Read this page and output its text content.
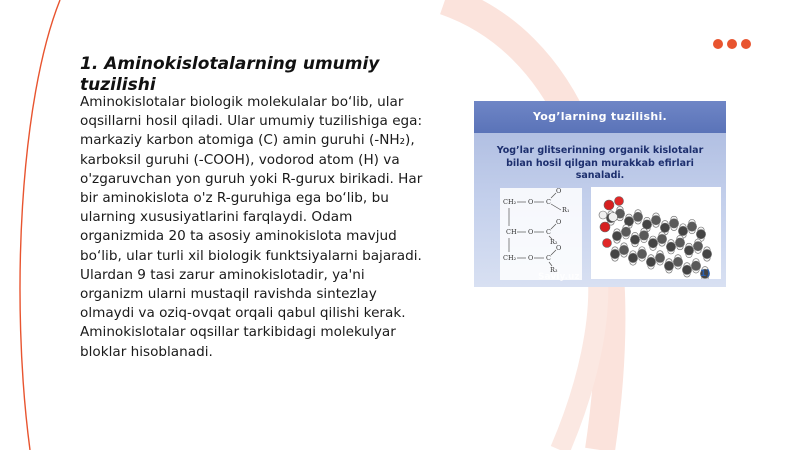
1. Aminokislotalarning umumiy tuzilishi

Aminokislotalar biologik molekulalar bo‘lib, ular oqsillarni hosil qiladi. Ular umumiy tuzilishiga ega: markaziy karbon atomiga (C) amin guruhi (-NH₂), karboksil guruhi (-COOH), vodorod atom (H) va o'zgaruvchan yon guruh yoki R-gurux birikadi. Har bir aminokislota o'z R-guruhiga ega bo‘lib, bu ularning xususiyatlarini farqlaydi. Odam organizmida 20 ta asosiy aminokislota mavjud bo‘lib, ular turli xil biologik funktsiyalarni bajaradi. Ulardan 9 tasi zarur aminokislotadir, ya'ni organizm ularni mustaqil ravishda sintezlay olmaydi va oziq-ovqat orqali qabul qilishi kerak. Aminokislotalar oqsillar tarkibidagi molekulyar bloklar hisoblanadi.

Yog’larning tuzilishi.
Yog’lar glitserinning organik kislotalar bilan hosil qilgan murakkab efirlari sanaladi.
CH₂
CH
CH₂
O
O
O
C
C
C
O
O
O
R₁
R₂
R₃
Saviy.uz	1)
